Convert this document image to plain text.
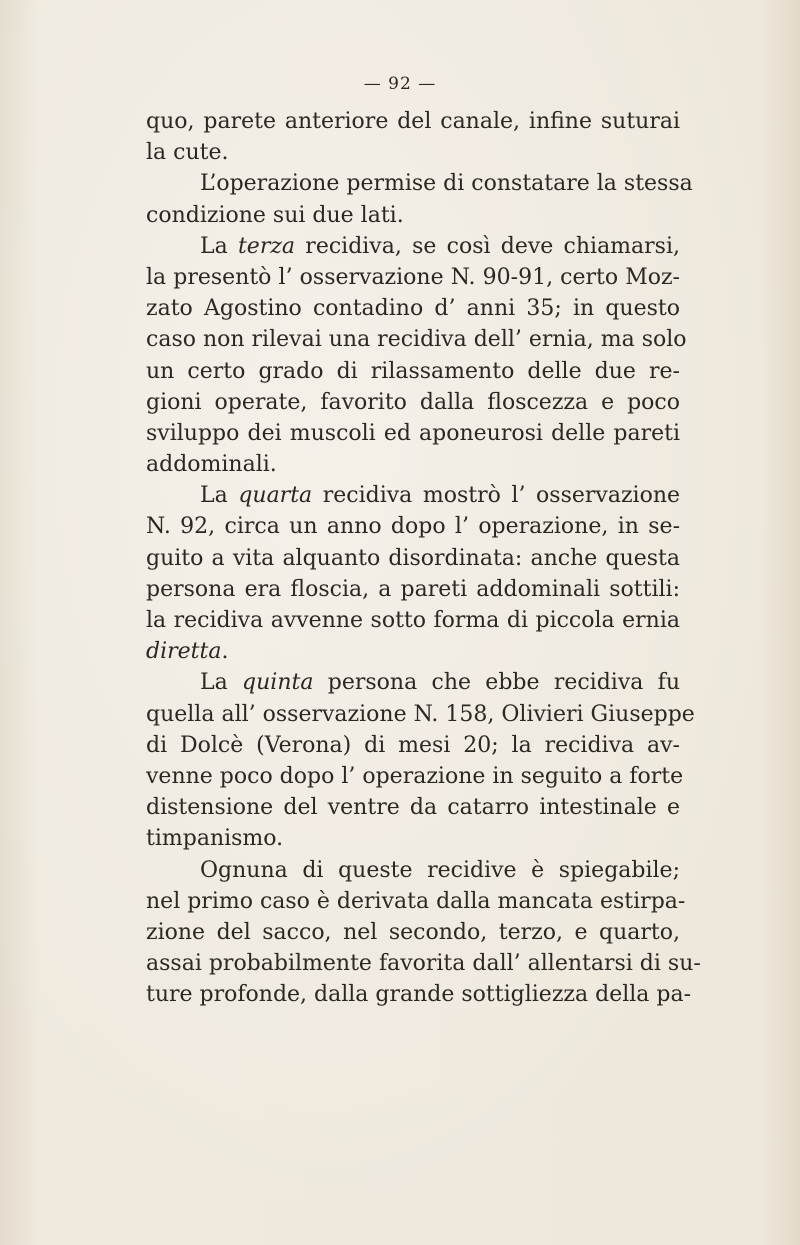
— 92 —
quo, parete anteriore del canale, infine suturai
la cute.
L’operazione permise di constatare la stessa
condizione sui due lati.
La terza recidiva, se così deve chiamarsi,
la presentò l’ osservazione N. 90-91, certo Moz-
zato Agostino contadino d’ anni 35; in questo
caso non rilevai una recidiva dell’ ernia, ma solo
un certo grado di rilassamento delle due re-
gioni operate, favorito dalla floscezza e poco
sviluppo dei muscoli ed aponeurosi delle pareti
addominali.
La quarta recidiva mostrò l’ osservazione
N. 92, circa un anno dopo l’ operazione, in se-
guito a vita alquanto disordinata: anche questa
persona era floscia, a pareti addominali sottili:
la recidiva avvenne sotto forma di piccola ernia
diretta.
La quinta persona che ebbe recidiva fu
quella all’ osservazione N. 158, Olivieri Giuseppe
di Dolcè (Verona) di mesi 20; la recidiva av-
venne poco dopo l’ operazione in seguito a forte
distensione del ventre da catarro intestinale e
timpanismo.
Ognuna di queste recidive è spiegabile;
nel primo caso è derivata dalla mancata estirpa-
zione del sacco, nel secondo, terzo, e quarto,
assai probabilmente favorita dall’ allentarsi di su-
ture profonde, dalla grande sottigliezza della pa-
